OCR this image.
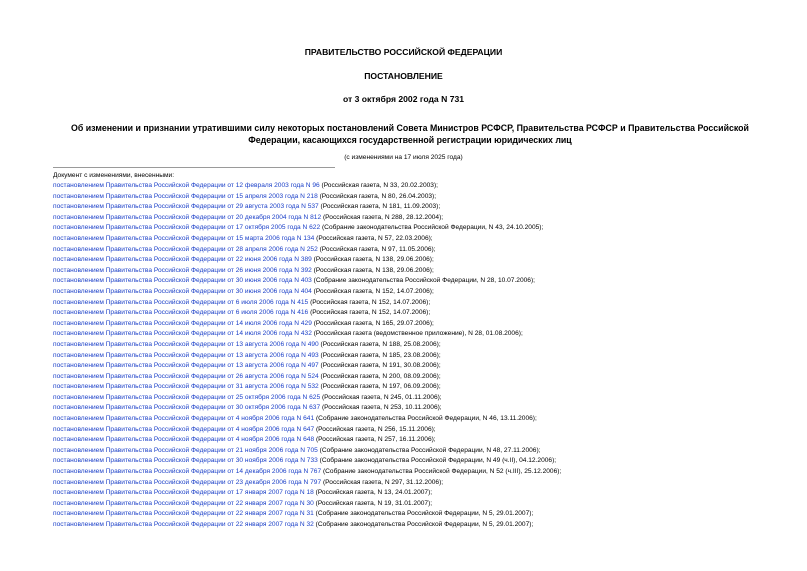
ПРАВИТЕЛЬСТВО РОССИЙСКОЙ ФЕДЕРАЦИИ
ПОСТАНОВЛЕНИЕ
от 3 октября 2002 года N 731
Об изменении и признании утратившими силу некоторых постановлений Совета Министров РСФСР, Правительства РСФСР и Правительства Российской Федерации, касающихся государственной регистрации юридических лиц
(с изменениями на 17 июля 2025 года)
Документ с изменениями, внесенными:
постановлением Правительства Российской Федерации от 12 февраля 2003 года N 96 (Российская газета, N 33, 20.02.2003);
постановлением Правительства Российской Федерации от 15 апреля 2003 года N 218 (Российская газета, N 80, 26.04.2003);
постановлением Правительства Российской Федерации от 29 августа 2003 года N 537 (Российская газета, N 181, 11.09.2003);
постановлением Правительства Российской Федерации от 20 декабря 2004 года N 812 (Российская газета, N 288, 28.12.2004);
постановлением Правительства Российской Федерации от 17 октября 2005 года N 622 (Собрание законодательства Российской Федерации, N 43, 24.10.2005);
постановлением Правительства Российской Федерации от 15 марта 2006 года N 134 (Российская газета, N 57, 22.03.2006);
постановлением Правительства Российской Федерации от 28 апреля 2006 года N 252 (Российская газета, N 97, 11.05.2006);
постановлением Правительства Российской Федерации от 22 июня 2006 года N 389 (Российская газета, N 138, 29.06.2006);
постановлением Правительства Российской Федерации от 26 июня 2006 года N 392 (Российская газета, N 138, 29.06.2006);
постановлением Правительства Российской Федерации от 30 июня 2006 года N 403 (Собрание законодательства Российской Федерации, N 28, 10.07.2006);
постановлением Правительства Российской Федерации от 30 июня 2006 года N 404 (Российская газета, N 152, 14.07.2006);
постановлением Правительства Российской Федерации от 6 июля 2006 года N 415 (Российская газета, N 152, 14.07.2006);
постановлением Правительства Российской Федерации от 6 июля 2006 года N 416 (Российская газета, N 152, 14.07.2006);
постановлением Правительства Российской Федерации от 14 июля 2006 года N 429 (Российская газета, N 165, 29.07.2006);
постановлением Правительства Российской Федерации от 14 июля 2006 года N 432 (Российская газета (ведомственное приложение), N 28, 01.08.2006);
постановлением Правительства Российской Федерации от 13 августа 2006 года N 490 (Российская газета, N 188, 25.08.2006);
постановлением Правительства Российской Федерации от 13 августа 2006 года N 493 (Российская газета, N 185, 23.08.2006);
постановлением Правительства Российской Федерации от 13 августа 2006 года N 497 (Российская газета, N 191, 30.08.2006);
постановлением Правительства Российской Федерации от 26 августа 2006 года N 524 (Российская газета, N 200, 08.09.2006);
постановлением Правительства Российской Федерации от 31 августа 2006 года N 532 (Российская газета, N 197, 06.09.2006);
постановлением Правительства Российской Федерации от 25 октября 2006 года N 625 (Российская газета, N 245, 01.11.2006);
постановлением Правительства Российской Федерации от 30 октября 2006 года N 637 (Российская газета, N 253, 10.11.2006);
постановлением Правительства Российской Федерации от 4 ноября 2006 года N 641 (Собрание законодательства Российской Федерации, N 46, 13.11.2006);
постановлением Правительства Российской Федерации от 4 ноября 2006 года N 647 (Российская газета, N 256, 15.11.2006);
постановлением Правительства Российской Федерации от 4 ноября 2006 года N 648 (Российская газета, N 257, 16.11.2006);
постановлением Правительства Российской Федерации от 21 ноября 2006 года N 705 (Собрание законодательства Российской Федерации, N 48, 27.11.2006);
постановлением Правительства Российской Федерации от 30 ноября 2006 года N 733 (Собрание законодательства Российской Федерации, N 49 (ч.II), 04.12.2006);
постановлением Правительства Российской Федерации от 14 декабря 2006 года N 767 (Собрание законодательства Российской Федерации, N 52 (ч.III), 25.12.2006);
постановлением Правительства Российской Федерации от 23 декабря 2006 года N 797 (Российская газета, N 297, 31.12.2006);
постановлением Правительства Российской Федерации от 17 января 2007 года N 18 (Российская газета, N 13, 24.01.2007);
постановлением Правительства Российской Федерации от 22 января 2007 года N 30 (Российская газета, N 19, 31.01.2007);
постановлением Правительства Российской Федерации от 22 января 2007 года N 31 (Собрание законодательства Российской Федерации, N 5, 29.01.2007);
постановлением Правительства Российской Федерации от 22 января 2007 года N 32 (Собрание законодательства Российской Федерации, N 5, 29.01.2007);
